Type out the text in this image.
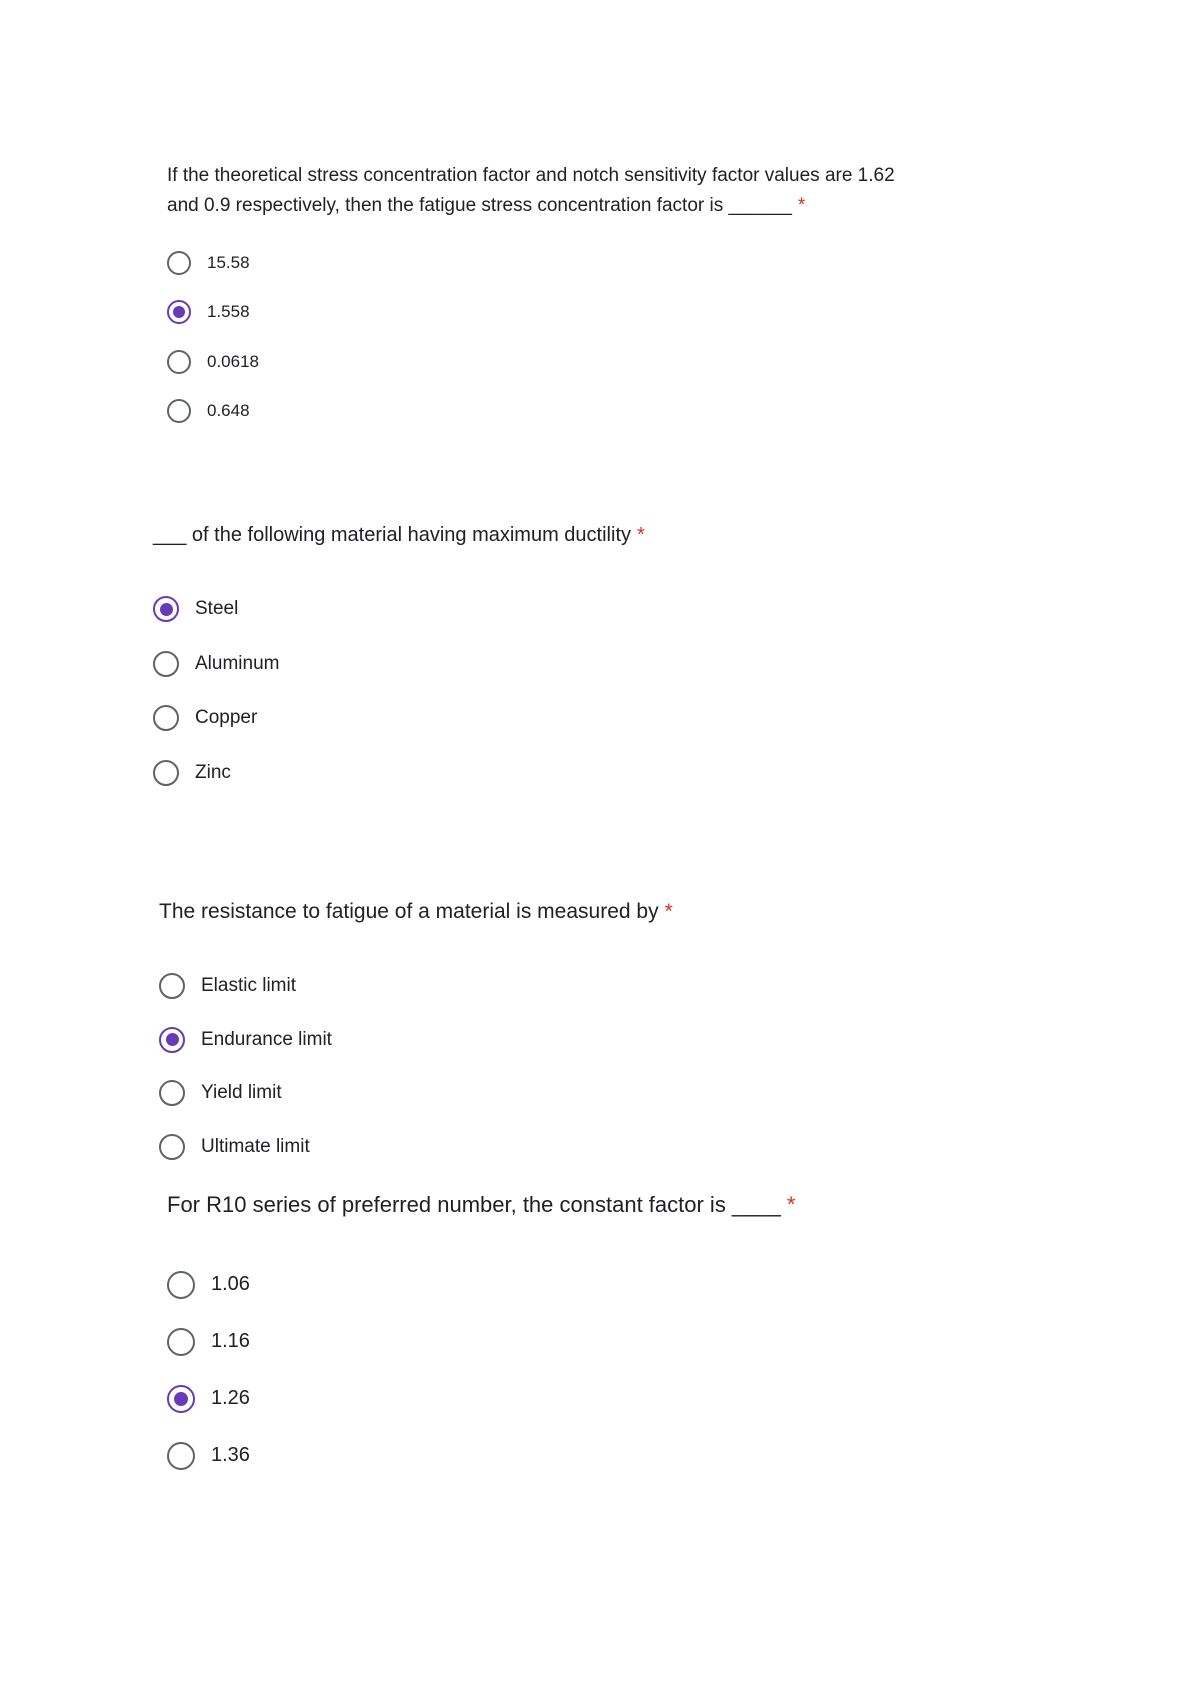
If the theoretical stress concentration factor and notch sensitivity factor values are 1.62 and 0.9 respectively, then the fatigue stress concentration factor is ______ *

15.58
1.558
0.0618
0.648

___ of the following material having maximum ductility *

Steel
Aluminum
Copper
Zinc

The resistance to fatigue of a material is measured by *

Elastic limit
Endurance limit
Yield limit
Ultimate limit

For R10 series of preferred number, the constant factor is ____ *

1.06
1.16
1.26
1.36
